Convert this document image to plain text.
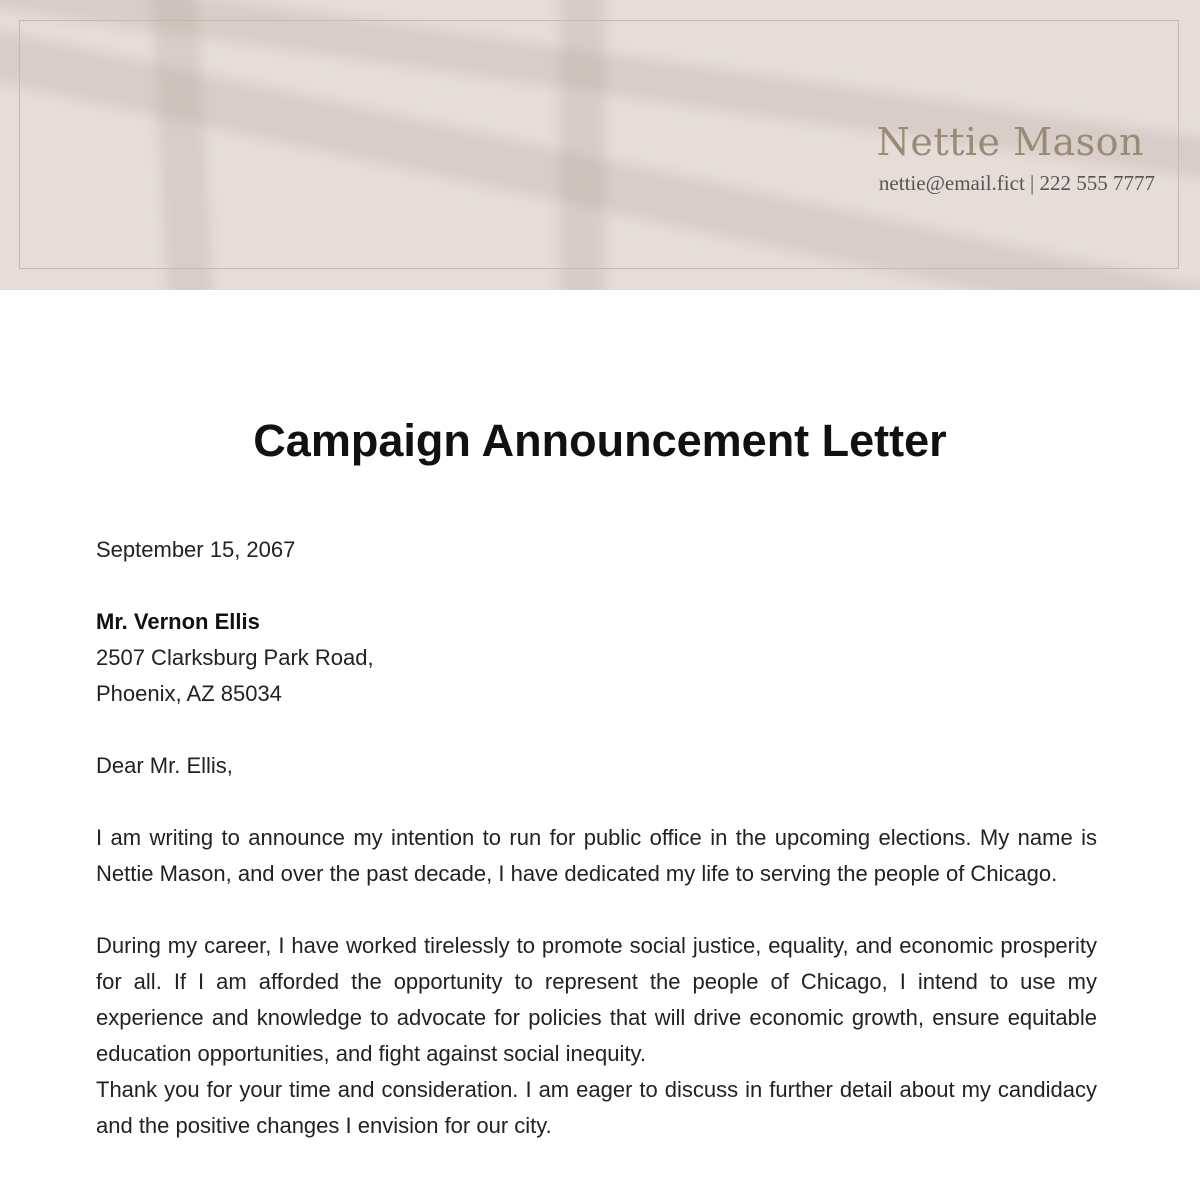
Nettie Mason
nettie@email.fict | 222 555 7777
Campaign Announcement Letter

September 15, 2067

Mr. Vernon Ellis

2507 Clarksburg Park Road,

Phoenix, AZ 85034

Dear Mr. Ellis,

I am writing to announce my intention to run for public office in the upcoming elections. My name is Nettie Mason, and over the past decade, I have dedicated my life to serving the people of Chicago.

During my career, I have worked tirelessly to promote social justice, equality, and economic prosperity for all. If I am afforded the opportunity to represent the people of Chicago, I intend to use my experience and knowledge to advocate for policies that will drive economic growth, ensure equitable education opportunities, and fight against social inequity.

Thank you for your time and consideration. I am eager to discuss in further detail about my candidacy and the positive changes I envision for our city.
